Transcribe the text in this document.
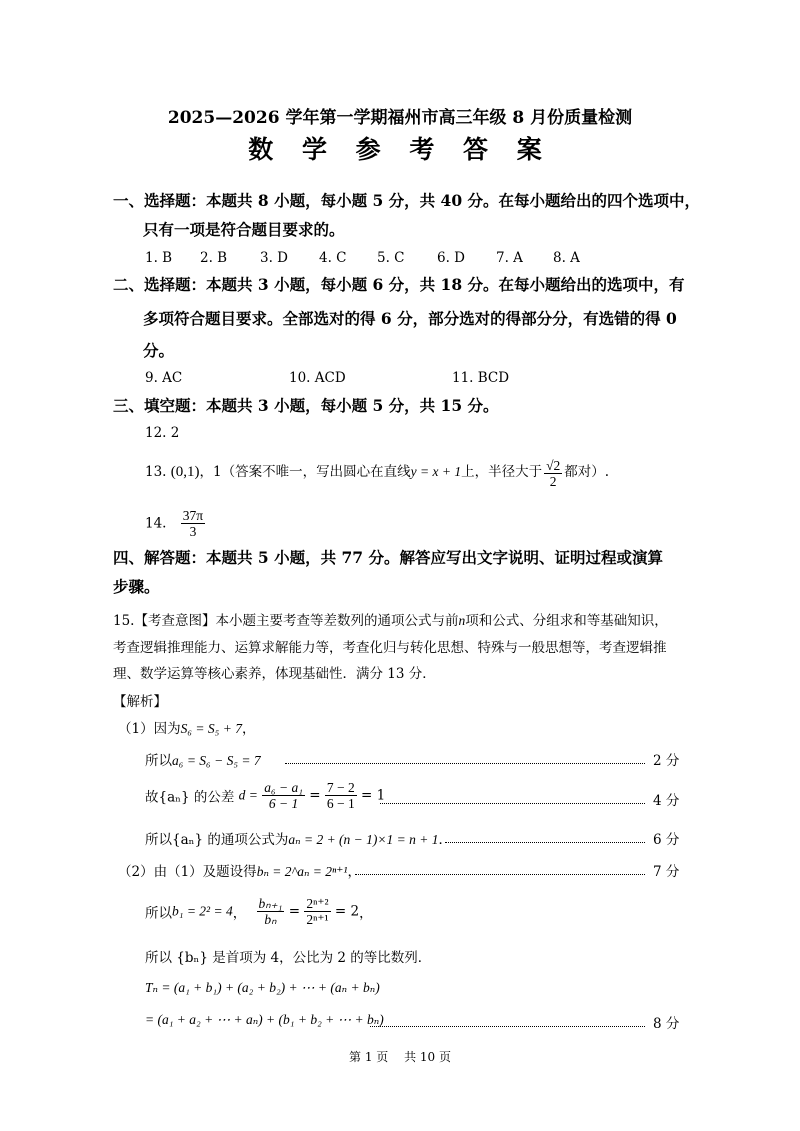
2025—2026 学年第一学期福州市高三年级 8 月份质量检测
数 学 参 考 答 案
一、选择题：本题共 8 小题，每小题 5 分，共 40 分。在每小题给出的四个选项中，
只有一项是符合题目要求的。
1. B 2. B 3. D 4. C 5. C 6. D 7. A 8. A
二、选择题：本题共 3 小题，每小题 6 分，共 18 分。在每小题给出的选项中，有
多项符合题目要求。全部选对的得 6 分，部分选对的得部分分，有选错的得 0
分。
9. AC	10. ACD	11. BCD
三、填空题：本题共 3 小题，每小题 5 分，共 15 分。
12. 2
13. (0,1)，1（答案不唯一，写出圆心在直线y = x + 1上，半径大于 $\frac{√2}{2}$ 都对）.
14. $\frac{37\pi}{3}$
四、解答题：本题共 5 小题，共 77 分。解答应写出文字说明、证明过程或演算
步骤。
15.【考查意图】本小题主要考查等差数列的通项公式与前n项和公式、分组求和等基础知识，
考查逻辑推理能力、运算求解能力等，考查化归与转化思想、特殊与一般思想等，考查逻辑推
理、数学运算等核心素养，体现基础性．满分 13 分．
【解析】
（1）因为S₆ = S₅ + 7，
所以a₆ = S₆ − S₅ = 7	2 分
故{aₙ} 的公差 $d = \frac{\text{a₆ − a₁}}{6 - 1} = \frac{7 - 2}{6 - 1} = 1$	4 分
所以{aₙ} 的通项公式为aₙ = 2 + (n − 1)×1 = n + 1．	6 分
（2）由（1）及题设得bₙ = 2^aₙ = 2ⁿ⁺¹，	7 分
所以b₁ = 2² = 4， $\frac{\text{bₙ₊₁}}{\text{bₙ}} = \frac{\text{2ⁿ⁺²}}{\text{2ⁿ⁺¹}} = 2$，
所以 {bₙ} 是首项为 4，公比为 2 的等比数列．
Tₙ = (a₁ + b₁) + (a₂ + b₂) + ⋯ + (aₙ + bₙ)
= (a₁ + a₂ + ⋯ + aₙ) + (b₁ + b₂ + ⋯ + bₙ)	8 分
第 1 页　 共 10 页
